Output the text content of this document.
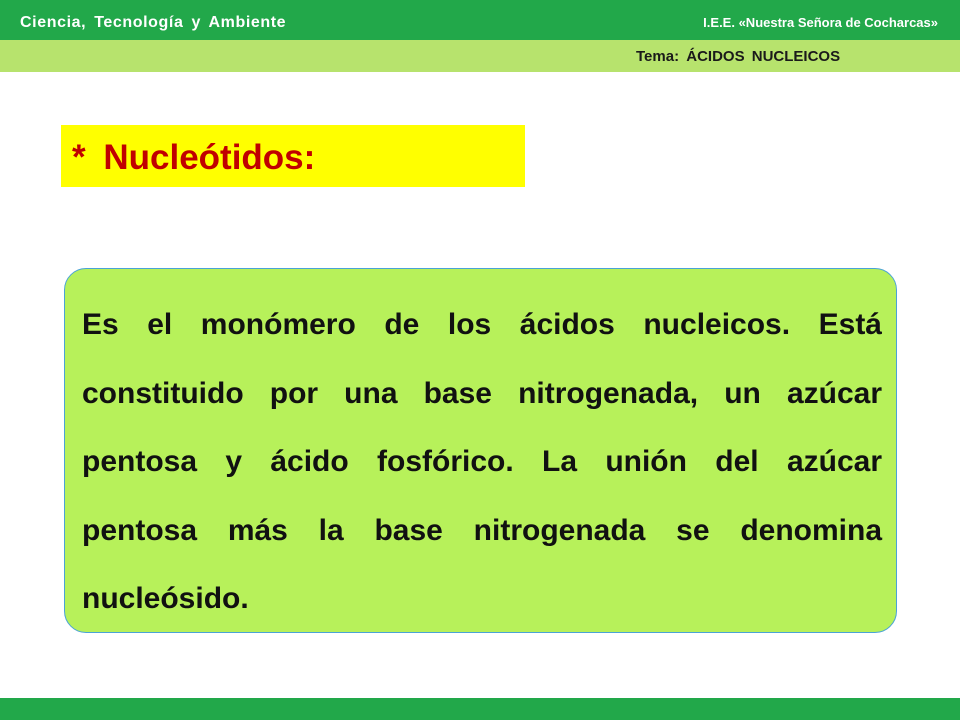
Ciencia, Tecnología y Ambiente	I.E.E. «Nuestra Señora de Cocharcas»
Tema: ÁCIDOS NUCLEICOS
* Nucleótidos:

Es el monómero de los ácidos nucleicos. Está constituido por una base nitrogenada, un azúcar pentosa y ácido fosfórico. La unión del azúcar pentosa más la base nitrogenada se denomina nucleósido.
